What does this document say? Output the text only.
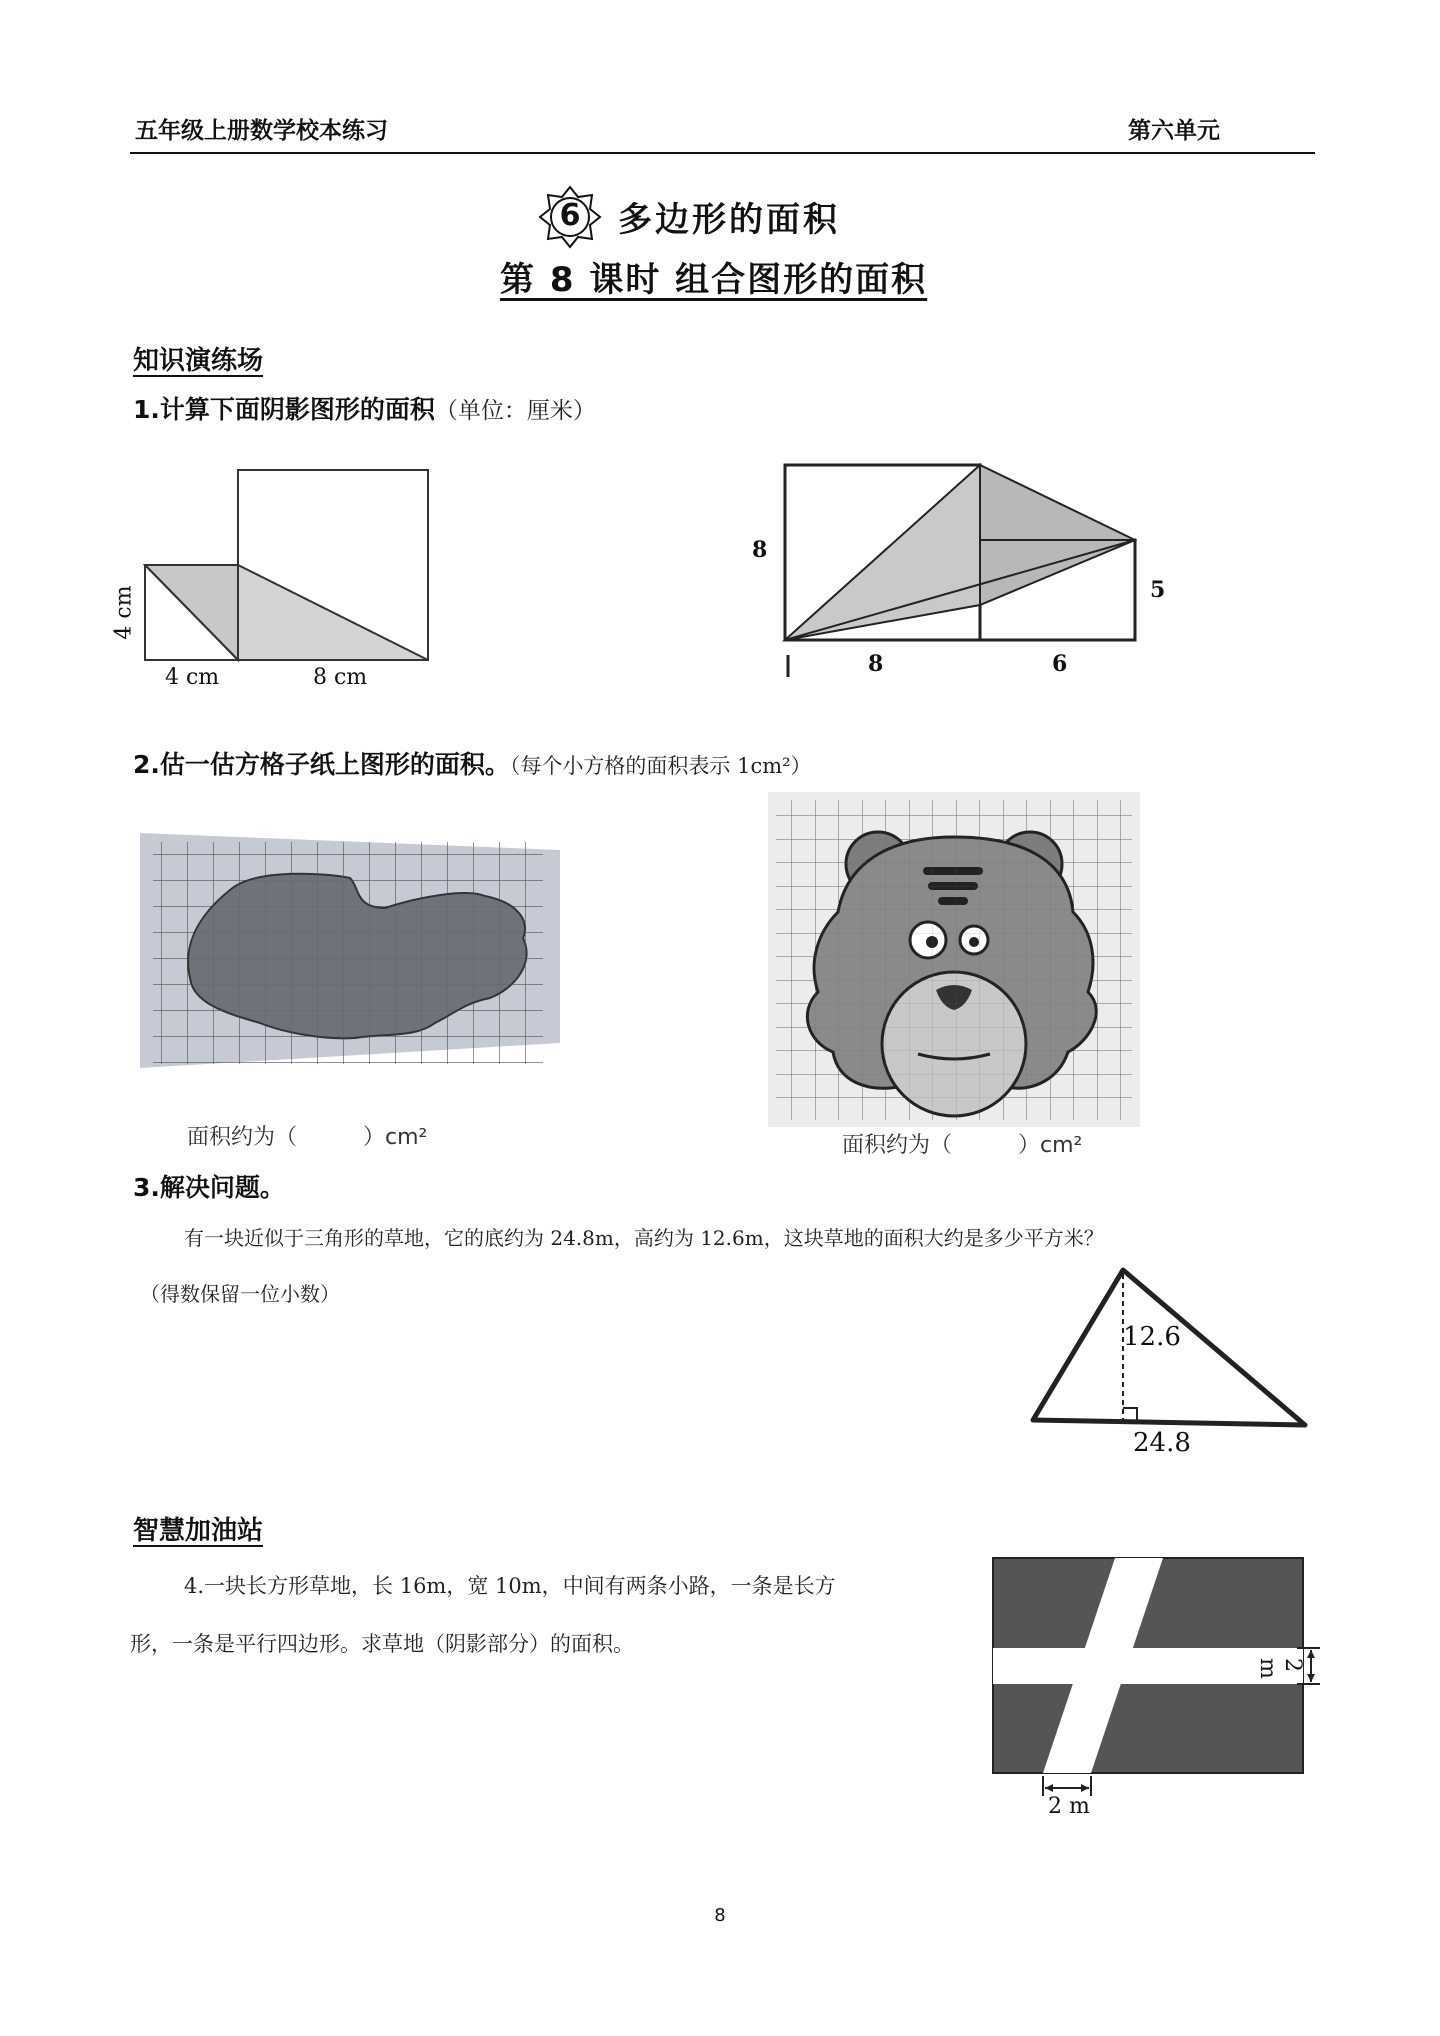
五年级上册数学校本练习	第六单元
6	多边形的面积
第 8 课时 组合图形的面积
知识演练场
1.计算下面阴影图形的面积（单位：厘米）
4 cm
4 cm	8 cm
8
5
8	6
2.估一估方格子纸上图形的面积。（每个小方格的面积表示 1cm²）
面积约为（　　　）cm²	面积约为（　　　）cm²
3.解决问题。
有一块近似于三角形的草地，它的底约为 24.8m，高约为 12.6m，这块草地的面积大约是多少平方米？
（得数保留一位小数）
12.6
24.8
智慧加油站
4.一块长方形草地，长 16m，宽 10m，中间有两条小路，一条是长方
形，一条是平行四边形。求草地（阴影部分）的面积。
2 m
2 m
8
